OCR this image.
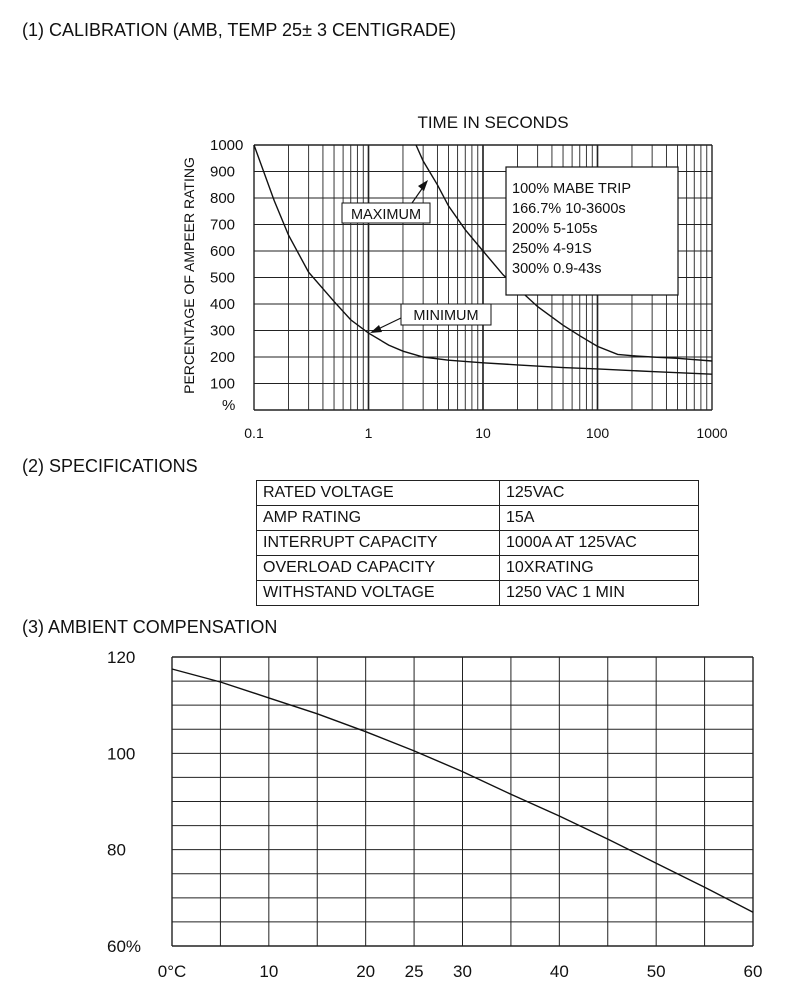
(1) CALIBRATION (AMB, TEMP 25± 3 CENTIGRADE)
TIME IN SECONDS
PERCENTAGE OF AMPEER RATING
1000
900
800
700
600
500
400
300
200
100
%
0.1	1	10	100	1000
100% MABE TRIP
166.7% 10-3600s
200% 5-105s
250% 4-91S
300% 0.9-43s
MAXIMUM
MINIMUM
(2) SPECIFICATIONS
RATED VOLTAGE	125VAC
AMP RATING	15A
INTERRUPT CAPACITY	1000A AT 125VAC
OVERLOAD CAPACITY	10XRATING
WITHSTAND VOLTAGE	1250 VAC 1 MIN
(3) AMBIENT COMPENSATION
120
100
80
60%
0°C	10	20 25 30	40	50	60
